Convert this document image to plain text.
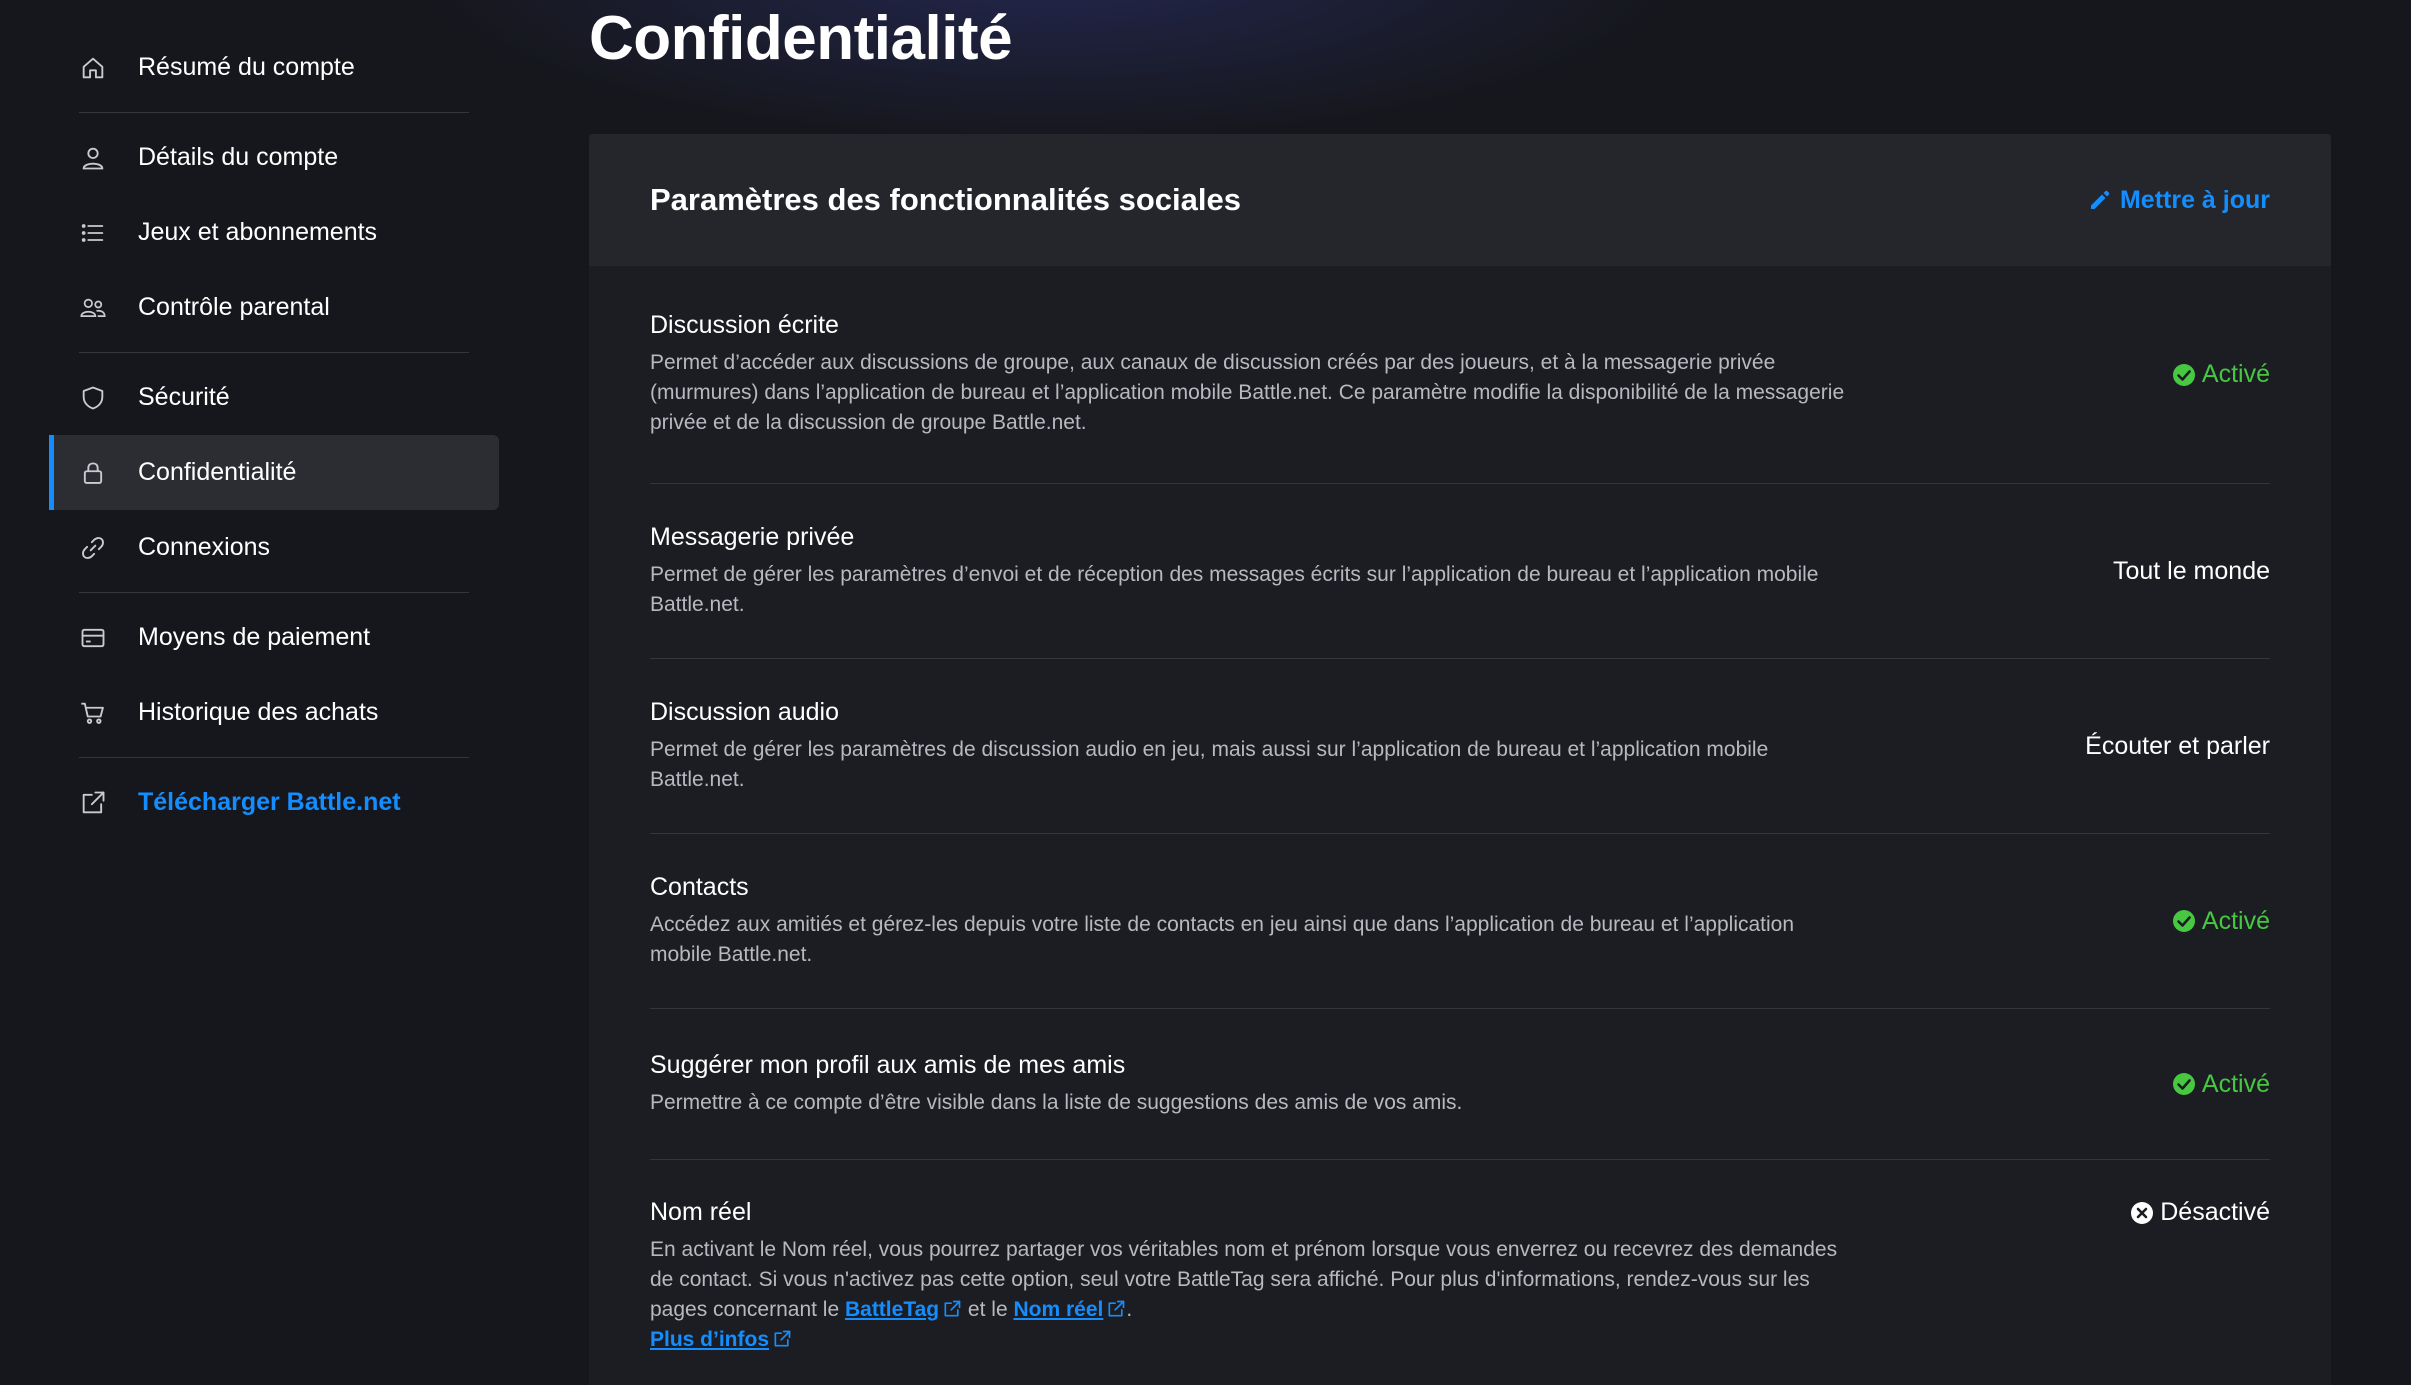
Résumé du compte
Détails du compte
Jeux et abonnements
Contrôle parental
Sécurité
Confidentialité
Connexions
Moyens de paiement
Historique des achats
Télécharger Battle.net
Confidentialité
Paramètres des fonctionnalités sociales	Mettre à jour
Discussion écrite
Permet d’accéder aux discussions de groupe, aux canaux de discussion créés par des joueurs, et à la messagerie privée (murmures) dans l’application de bureau et l’application mobile Battle.net. Ce paramètre modifie la disponibilité de la messagerie privée et de la discussion de groupe Battle.net.
Activé
Messagerie privée
Permet de gérer les paramètres d’envoi et de réception des messages écrits sur l’application de bureau et l’application mobile Battle.net.
Tout le monde
Discussion audio
Permet de gérer les paramètres de discussion audio en jeu, mais aussi sur l’application de bureau et l’application mobile Battle.net.
Écouter et parler
Contacts
Accédez aux amitiés et gérez-les depuis votre liste de contacts en jeu ainsi que dans l’application de bureau et l’application mobile Battle.net.
Activé
Suggérer mon profil aux amis de mes amis
Permettre à ce compte d’être visible dans la liste de suggestions des amis de vos amis.
Activé
Nom réel
En activant le Nom réel, vous pourrez partager vos véritables nom et prénom lorsque vous enverrez ou recevrez des demandes de contact. Si vous n'activez pas cette option, seul votre BattleTag sera affiché. Pour plus d'informations, rendez-vous sur les pages concernant le BattleTag et le Nom réel .
Plus d’infos
Désactivé
